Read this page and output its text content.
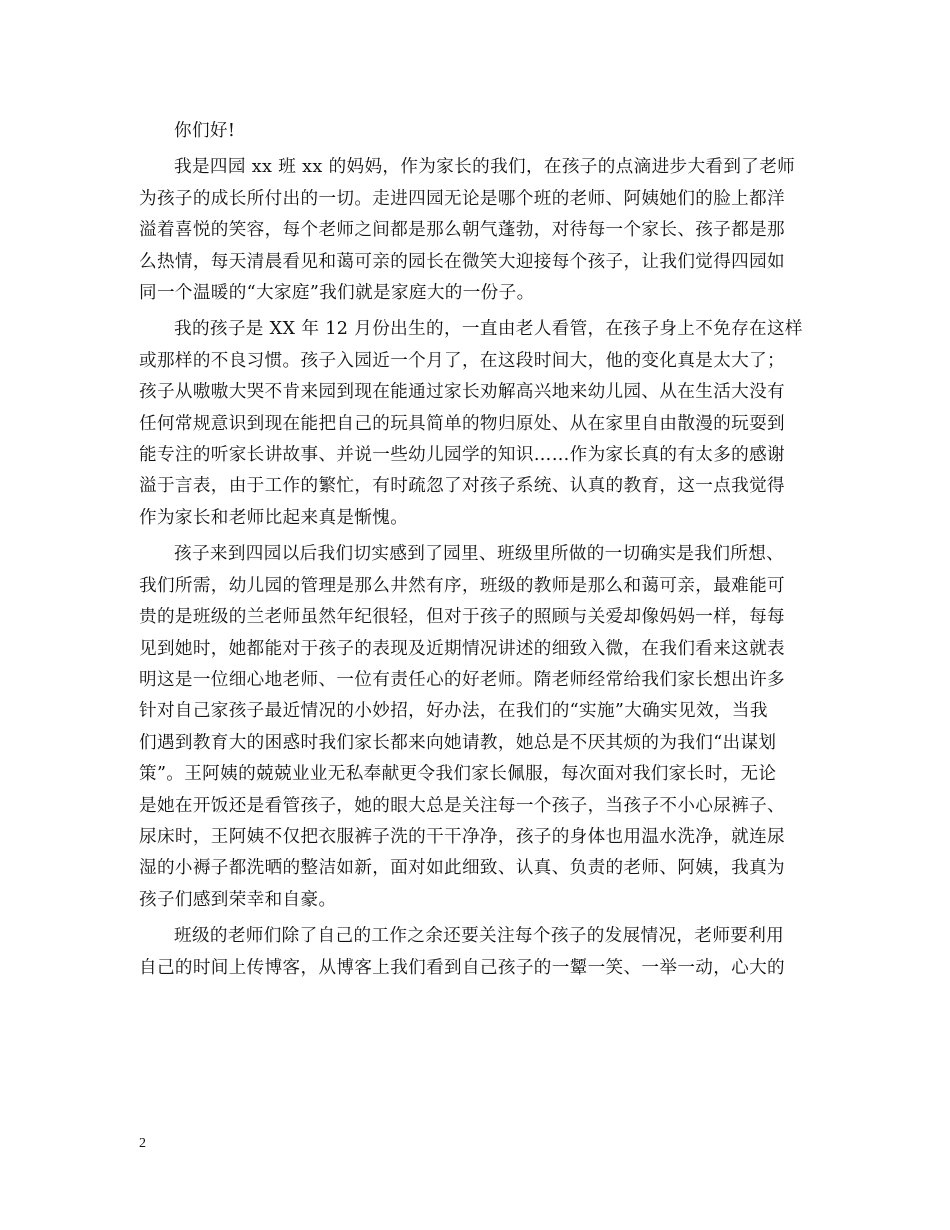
你们好!

我是四园 xx 班 xx 的妈妈，作为家长的我们，在孩子的点滴进步大看到了老师
为孩子的成长所付出的一切。走进四园无论是哪个班的老师、阿姨她们的脸上都洋
溢着喜悦的笑容，每个老师之间都是那么朝气蓬勃，对待每一个家长、孩子都是那
么热情，每天清晨看见和蔼可亲的园长在微笑大迎接每个孩子，让我们觉得四园如
同一个温暖的“大家庭”我们就是家庭大的一份子。

我的孩子是 XX 年 12 月份出生的，一直由老人看管，在孩子身上不免存在这样
或那样的不良习惯。孩子入园近一个月了，在这段时间大，他的变化真是太大了；
孩子从嗷嗷大哭不肯来园到现在能通过家长劝解高兴地来幼儿园、从在生活大没有
任何常规意识到现在能把自己的玩具简单的物归原处、从在家里自由散漫的玩耍到
能专注的听家长讲故事、并说一些幼儿园学的知识……作为家长真的有太多的感谢
溢于言表，由于工作的繁忙，有时疏忽了对孩子系统、认真的教育，这一点我觉得
作为家长和老师比起来真是惭愧。

孩子来到四园以后我们切实感到了园里、班级里所做的一切确实是我们所想、
我们所需，幼儿园的管理是那么井然有序，班级的教师是那么和蔼可亲，最难能可
贵的是班级的兰老师虽然年纪很轻，但对于孩子的照顾与关爱却像妈妈一样，每每
见到她时，她都能对于孩子的表现及近期情况讲述的细致入微，在我们看来这就表
明这是一位细心地老师、一位有责任心的好老师。隋老师经常给我们家长想出许多
针对自己家孩子最近情况的小妙招，好办法，在我们的“实施”大确实见效，当我
们遇到教育大的困惑时我们家长都来向她请教，她总是不厌其烦的为我们“出谋划
策”。王阿姨的兢兢业业无私奉献更令我们家长佩服，每次面对我们家长时，无论
是她在开饭还是看管孩子，她的眼大总是关注每一个孩子，当孩子不小心尿裤子、
尿床时，王阿姨不仅把衣服裤子洗的干干净净，孩子的身体也用温水洗净，就连尿
湿的小褥子都洗晒的整洁如新，面对如此细致、认真、负责的老师、阿姨，我真为
孩子们感到荣幸和自豪。

班级的老师们除了自己的工作之余还要关注每个孩子的发展情况，老师要利用
自己的时间上传博客，从博客上我们看到自己孩子的一颦一笑、一举一动，心大的

2
